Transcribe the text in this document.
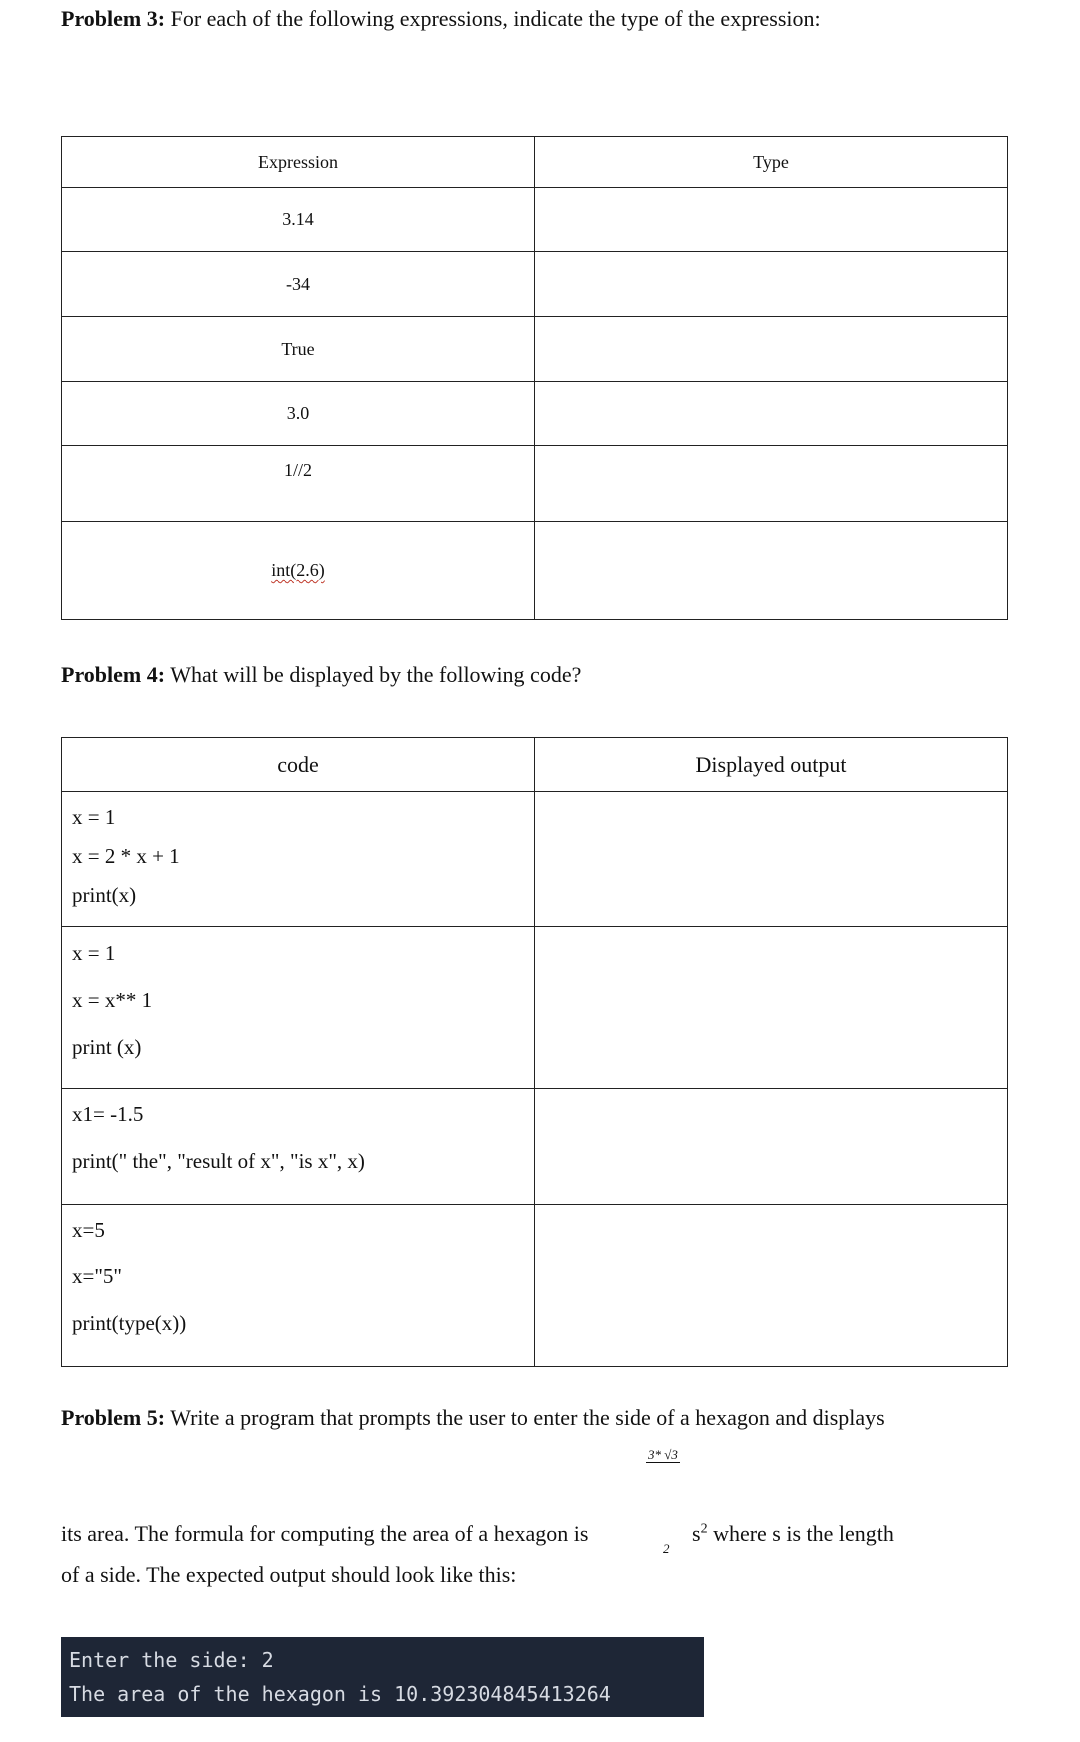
Problem 3: For each of the following expressions, indicate the type of the expression:
Expression	Type
3.14	
-34	
True	
3.0	
1//2	
int(2.6)	
Problem 4: What will be displayed by the following code?
code	Displayed output

x = 1
x = 2 * x + 1
print(x)	

x = 1
x = x** 1
print (x)	

x1= -1.5
print(" the", "result of x", "is x", x)	

x=5
x="5"
print(type(x))	

Problem 5: Write a program that prompts the user to enter the side of a hexagon and displays
3* √3
its area. The formula for computing the area of a hexagon is
2
$s^2$ where s is the length
of a side. The expected output should look like this:
Enter the side: 2
The area of the hexagon is 10.392304845413264
